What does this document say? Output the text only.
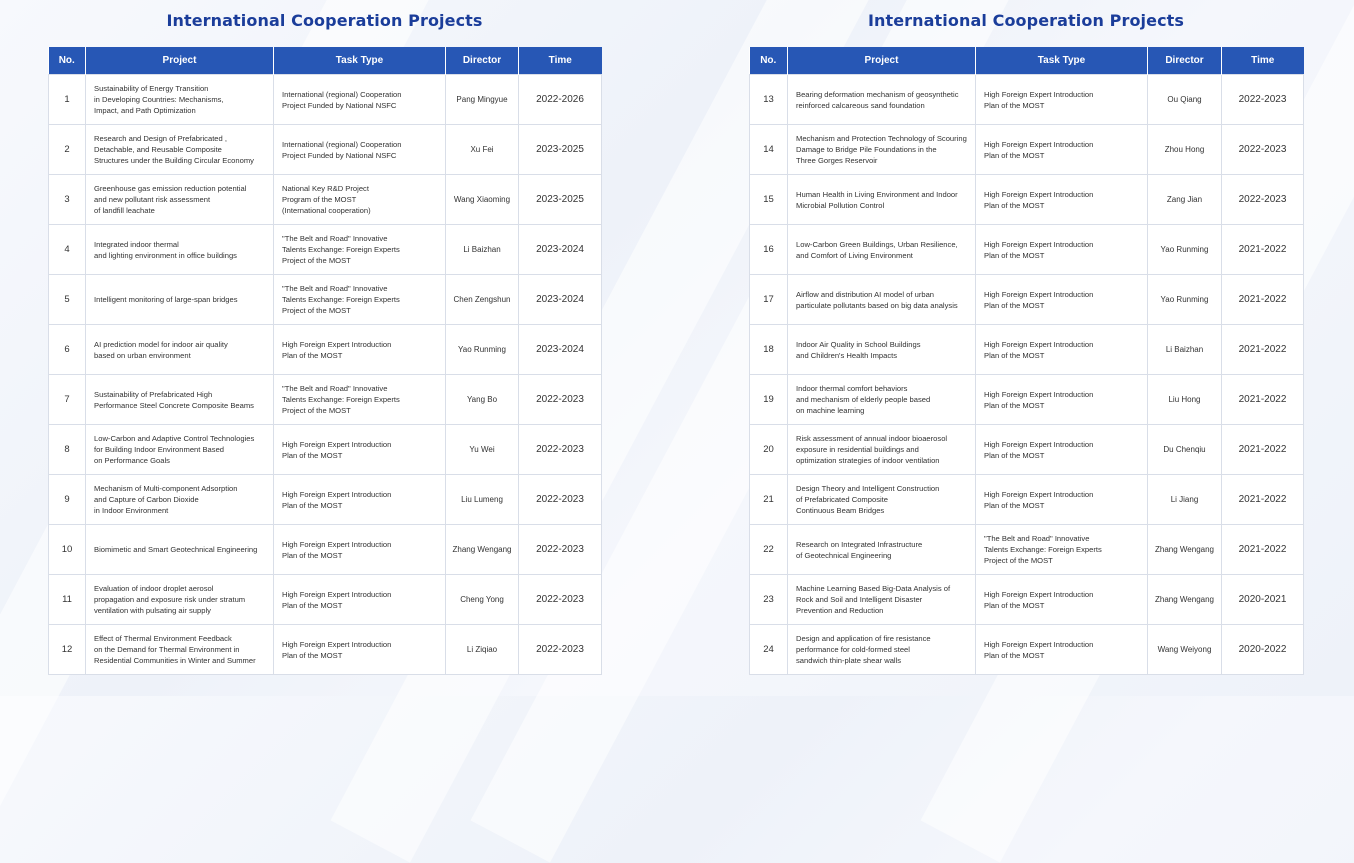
International Cooperation Projects
No.	Project	Task Type	Director	Time
1	Sustainability of Energy Transition
in Developing Countries: Mechanisms,
Impact, and Path Optimization	International (regional) Cooperation
Project Funded by National NSFC	Pang Mingyue	2022-2026
2	Research and Design of Prefabricated ,
Detachable, and Reusable Composite
Structures under the Building Circular Economy	International (regional) Cooperation
Project Funded by National NSFC	Xu Fei	2023-2025
3	Greenhouse gas emission reduction potential
and new pollutant risk assessment
of landfill leachate	National Key R&D Project
Program of the MOST
(International cooperation)	Wang Xiaoming	2023-2025
4	Integrated indoor thermal
and lighting environment in office buildings	"The Belt and Road" Innovative
Talents Exchange: Foreign Experts
Project of the MOST	Li Baizhan	2023-2024
5	Intelligent monitoring of large-span bridges	"The Belt and Road" Innovative
Talents Exchange: Foreign Experts
Project of the MOST	Chen Zengshun	2023-2024
6	AI prediction model for indoor air quality
based on urban environment	High Foreign Expert Introduction
Plan of the MOST	Yao Runming	2023-2024
7	Sustainability of Prefabricated High
Performance Steel Concrete Composite Beams	"The Belt and Road" Innovative
Talents Exchange: Foreign Experts
Project of the MOST	Yang Bo	2022-2023
8	Low-Carbon and Adaptive Control Technologies
for Building Indoor Environment Based
on Performance Goals	High Foreign Expert Introduction
Plan of the MOST	Yu Wei	2022-2023
9	Mechanism of Multi-component Adsorption
and Capture of Carbon Dioxide
in Indoor Environment	High Foreign Expert Introduction
Plan of the MOST	Liu Lumeng	2022-2023
10	Biomimetic and Smart Geotechnical Engineering	High Foreign Expert Introduction
Plan of the MOST	Zhang Wengang	2022-2023
11	Evaluation of indoor droplet aerosol
propagation and exposure risk under stratum
ventilation with pulsating air supply	High Foreign Expert Introduction
Plan of the MOST	Cheng Yong	2022-2023
12	Effect of Thermal Environment Feedback
on the Demand for Thermal Environment in
Residential Communities in Winter and Summer	High Foreign Expert Introduction
Plan of the MOST	Li Ziqiao	2022-2023
International Cooperation Projects
No.	Project	Task Type	Director	Time
13	Bearing deformation mechanism of geosynthetic
reinforced calcareous sand foundation	High Foreign Expert Introduction
Plan of the MOST	Ou Qiang	2022-2023
14	Mechanism and Protection Technology of Scouring
Damage to Bridge Pile Foundations in the
Three Gorges Reservoir	High Foreign Expert Introduction
Plan of the MOST	Zhou Hong	2022-2023
15	Human Health in Living Environment and Indoor
Microbial Pollution Control	High Foreign Expert Introduction
Plan of the MOST	Zang Jian	2022-2023
16	Low-Carbon Green Buildings, Urban Resilience,
and Comfort of Living Environment	High Foreign Expert Introduction
Plan of the MOST	Yao Runming	2021-2022
17	Airflow and distribution AI model of urban
particulate pollutants based on big data analysis	High Foreign Expert Introduction
Plan of the MOST	Yao Runming	2021-2022
18	Indoor Air Quality in School Buildings
and Children's Health Impacts	High Foreign Expert Introduction
Plan of the MOST	Li Baizhan	2021-2022
19	Indoor thermal comfort behaviors
and mechanism of elderly people based
on machine learning	High Foreign Expert Introduction
Plan of the MOST	Liu Hong	2021-2022
20	Risk assessment of annual indoor bioaerosol
exposure in residential buildings and
optimization strategies of indoor ventilation	High Foreign Expert Introduction
Plan of the MOST	Du Chenqiu	2021-2022
21	Design Theory and Intelligent Construction
of Prefabricated Composite
Continuous Beam Bridges	High Foreign Expert Introduction
Plan of the MOST	Li Jiang	2021-2022
22	Research on Integrated Infrastructure
of Geotechnical Engineering	"The Belt and Road" Innovative
Talents Exchange: Foreign Experts
Project of the MOST	Zhang Wengang	2021-2022
23	Machine Learning Based Big-Data Analysis of
Rock and Soil and Intelligent Disaster
Prevention and Reduction	High Foreign Expert Introduction
Plan of the MOST	Zhang Wengang	2020-2021
24	Design and application of fire resistance
performance for cold-formed steel
sandwich thin-plate shear walls	High Foreign Expert Introduction
Plan of the MOST	Wang Weiyong	2020-2022
